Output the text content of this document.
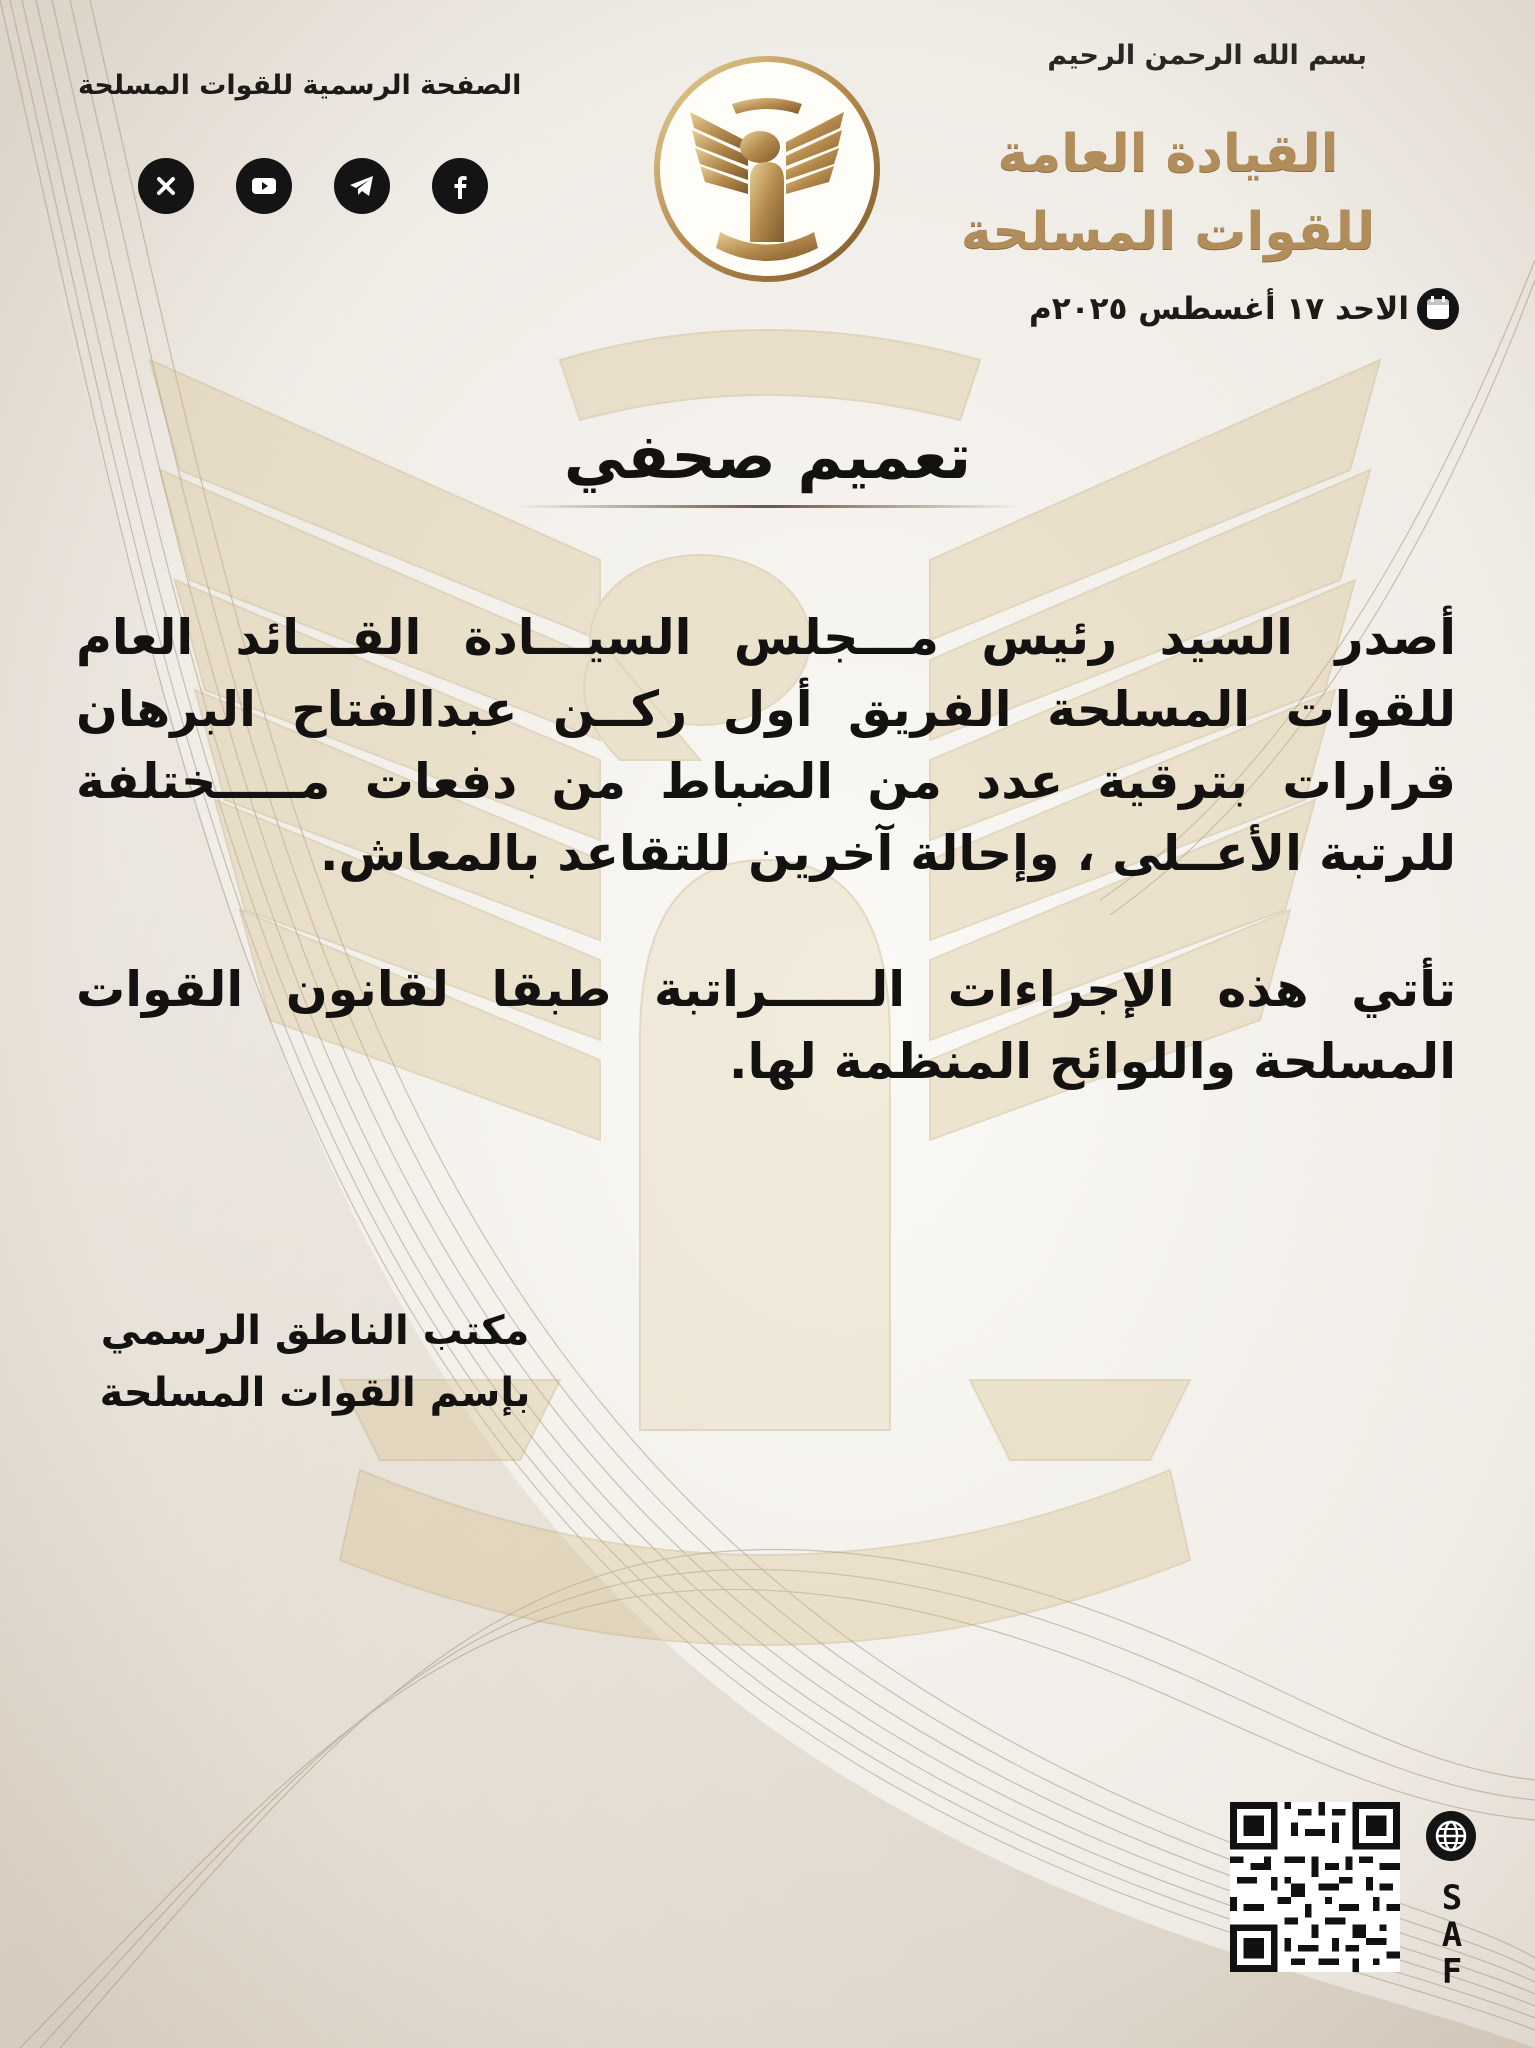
الصفحة الرسمية للقوات المسلحة
بسم الله الرحمن الرحيم
القيادة العامة
للقوات المسلحة
الاحد ١٧ أغسطس ٢٠٢٥م
تعميم صحفي
أصدر السيد رئيس مـــجلس السيـــادة القـــائد العام للقوات المسلحة الفريق أول ركــن عبدالفتاح البرهان قرارات بترقية عدد من الضباط من دفعات مـــــختلفة للرتبة الأعــلى ، وإحالة آخرين للتقاعد بالمعاش.
تأتي هذه الإجراءات الــــــراتبة طبقا لقانون القوات المسلحة واللوائح المنظمة لها.
مكتب الناطق الرسمي
بإسم القوات المسلحة
S
A
F
